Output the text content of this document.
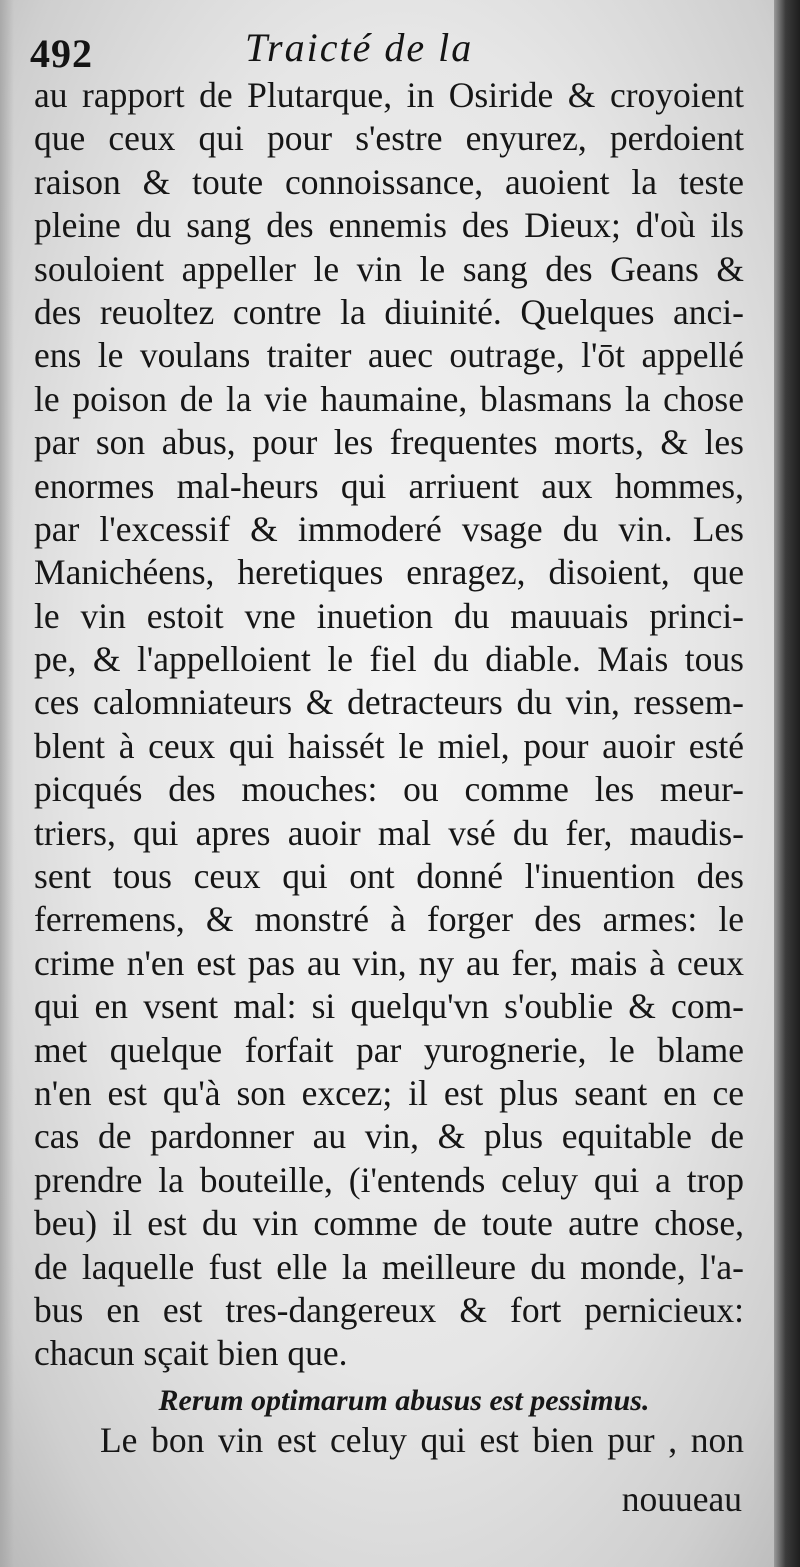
492	Traicté de la
au rapport de Plutarque, in Osiride & croyoient
que ceux qui pour s'estre enyurez, perdoient
raison & toute connoissance, auoient la teste
pleine du sang des ennemis des Dieux; d'où ils
souloient appeller le vin le sang des Geans &
des reuoltez contre la diuinité. Quelques anci-
ens le voulans traiter auec outrage, l'ōt appellé
le poison de la vie haumaine, blasmans la chose
par son abus, pour les frequentes morts, & les
enormes mal-heurs qui arriuent aux hommes,
par l'excessif & immoderé vsage du vin. Les
Manichéens, heretiques enragez, disoient, que
le vin estoit vne inuetion du mauuais princi-
pe, & l'appelloient le fiel du diable. Mais tous
ces calomniateurs & detracteurs du vin, ressem-
blent à ceux qui haissét le miel, pour auoir esté
picqués des mouches: ou comme les meur-
triers, qui apres auoir mal vsé du fer, maudis-
sent tous ceux qui ont donné l'inuention des
ferremens, & monstré à forger des armes: le
crime n'en est pas au vin, ny au fer, mais à ceux
qui en vsent mal: si quelqu'vn s'oublie & com-
met quelque forfait par yurognerie, le blame
n'en est qu'à son excez; il est plus seant en ce
cas de pardonner au vin, & plus equitable de
prendre la bouteille, (i'entends celuy qui a trop
beu) il est du vin comme de toute autre chose,
de laquelle fust elle la meilleure du monde, l'a-
bus en est tres-dangereux & fort pernicieux:
chacun sçait bien que.
Rerum optimarum abusus est pessimus.
Le bon vin est celuy qui est bien pur , non
nouueau
